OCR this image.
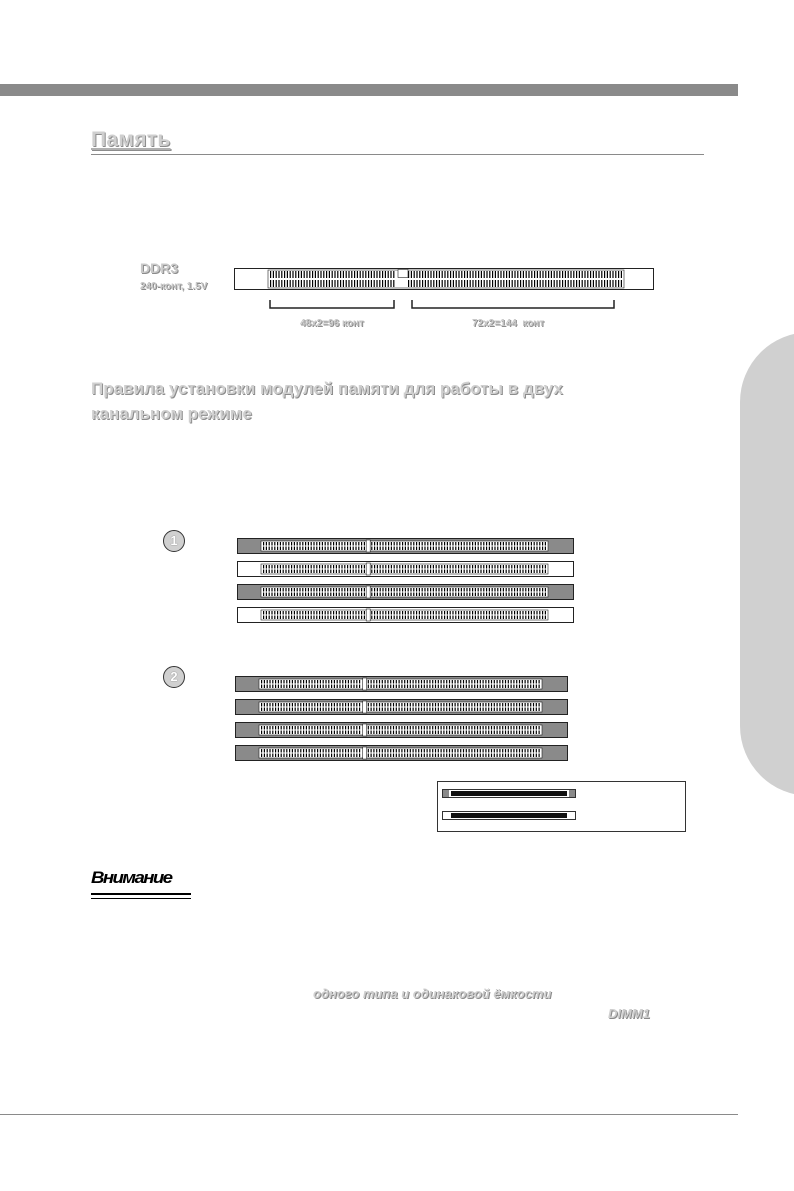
Память
DDR3
240-конт, 1.5V
48x2=96 конт	72x2=144  конт
Правила установки модулей памяти для работы в двух канальном режиме
1
2
Внимание
одного типа и одинаковой ёмкости
DIMM1
